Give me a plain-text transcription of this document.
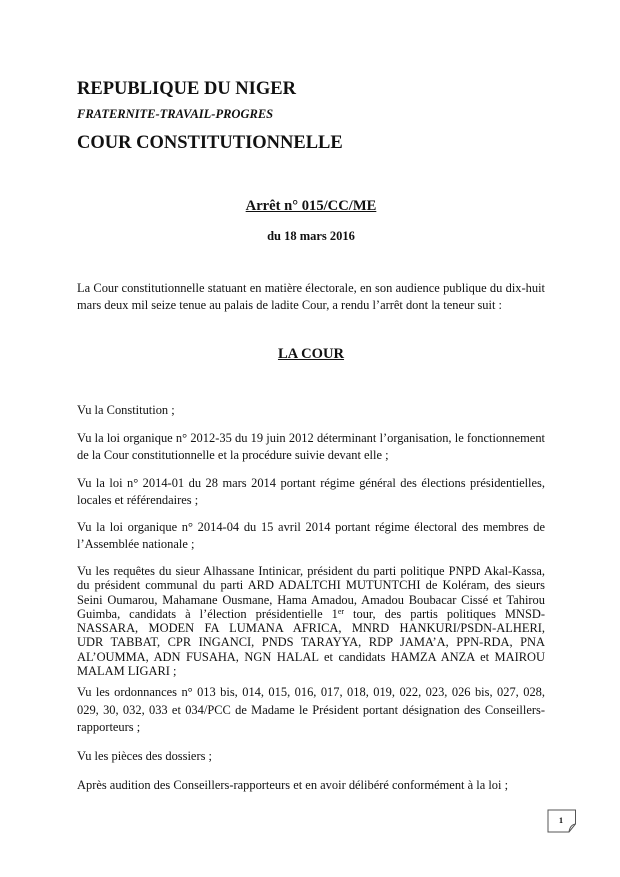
REPUBLIQUE DU NIGER
FRATERNITE-TRAVAIL-PROGRES
COUR CONSTITUTIONNELLE
Arrêt n° 015/CC/ME
du 18 mars 2016
La Cour constitutionnelle statuant en matière électorale, en son audience publique du dix-huit
mars deux mil seize tenue au palais de ladite Cour, a rendu l’arrêt dont la teneur suit :
LA COUR
Vu la Constitution ;
Vu la loi organique n° 2012-35 du 19 juin 2012 déterminant l’organisation, le fonctionnement
de la Cour constitutionnelle et la procédure suivie devant elle ;
Vu la loi n° 2014-01 du 28 mars 2014 portant régime général des élections présidentielles,
locales et référendaires ;
Vu la loi organique n° 2014-04 du 15 avril 2014 portant régime électoral des membres de
l’Assemblée nationale ;
Vu les requêtes du sieur Alhassane Intinicar, président du parti politique PNPD Akal-Kassa,
du président communal du parti ARD ADALTCHI MUTUNTCHI de Koléram, des sieurs
Seini Oumarou, Mahamane Ousmane, Hama Amadou, Amadou Boubacar Cissé et Tahirou
Guimba, candidats à l’élection présidentielle 1er tour, des partis politiques MNSD-
NASSARA, MODEN FA LUMANA AFRICA, MNRD HANKURI/PSDN-ALHERI,
UDR TABBAT, CPR INGANCI, PNDS TARAYYA, RDP JAMA’A, PPN-RDA, PNA
AL’OUMMA, ADN FUSAHA, NGN HALAL et candidats HAMZA ANZA et MAIROU
MALAM LIGARI ;
Vu les ordonnances n° 013 bis, 014, 015, 016, 017, 018, 019, 022, 023, 026 bis, 027, 028,
029, 30, 032, 033 et 034/PCC de Madame le Président portant désignation des Conseillers-
rapporteurs ;
Vu les pièces des dossiers ;
Après audition des Conseillers-rapporteurs et en avoir délibéré conformément à la loi ;
1
